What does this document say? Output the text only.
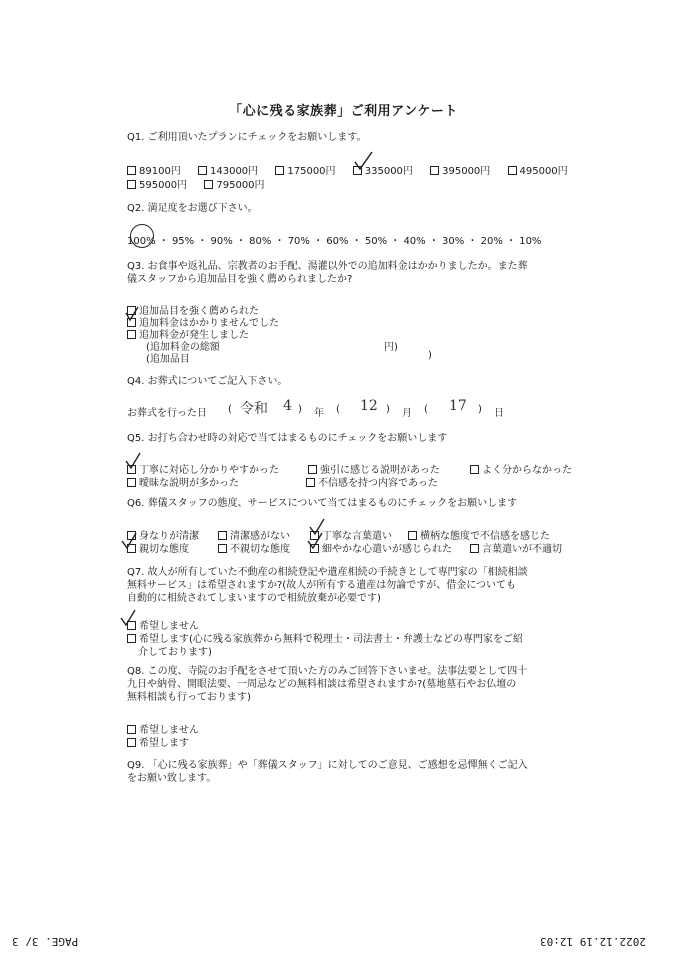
「心に残る家族葬」ご利用アンケート
Q1. ご利用頂いたプランにチェックをお願いします。
89100円	143000円	175000円	335000円	395000円	495000円
595000円	795000円
Q2. 満足度をお選び下さい。
100% ・ 95% ・ 90% ・ 80% ・ 70% ・ 60% ・ 50% ・ 40% ・ 30% ・ 20% ・ 10%
Q3. お食事や返礼品、宗教者のお手配、湯灌以外での追加料金はかかりましたか。また葬
儀スタッフから追加品目を強く薦められましたか?
追加品目を強く薦められた
追加料金はかかりませんでした
追加料金が発生しました
(追加料金の総額	円)
(追加品目	)
Q4. お葬式についてご記入下さい。
お葬式を行った日 ( 令和 4 ) 年 ( 12 ) 月 ( 17 ) 日
Q5. お打ち合わせ時の対応で当てはまるものにチェックをお願いします
丁寧に対応し分かりやすかった	強引に感じる説明があった	よく分からなかった
曖昧な説明が多かった	不信感を持つ内容であった
Q6. 葬儀スタッフの態度、サービスについて当てはまるものにチェックをお願いします
身なりが清潔	清潔感がない	丁寧な言葉遣い	横柄な態度で不信感を感じた
親切な態度	不親切な態度	細やかな心遣いが感じられた	言葉遣いが不適切
Q7. 故人が所有していた不動産の相続登記や遺産相続の手続きとして専門家の「相続相談
無料サービス」は希望されますか?(故人が所有する遺産は勿論ですが、借金についても
自動的に相続されてしまいますので相続放棄が必要です)
希望しません
希望します(心に残る家族葬から無料で税理士・司法書士・弁護士などの専門家をご紹
介しております)
Q8. この度、寺院のお手配をさせて頂いた方のみご回答下さいませ。法事法要として四十
九日や納骨、開眼法要、一周忌などの無料相談は希望されますか?(墓地墓石やお仏壇の
無料相談も行っております)
希望しません
希望します
Q9. 「心に残る家族葬」や「葬儀スタッフ」に対してのご意見、ご感想を忌憚無くご記入
をお願い致します。
PAGE. 3/ 3	2022.12.19 12:03
